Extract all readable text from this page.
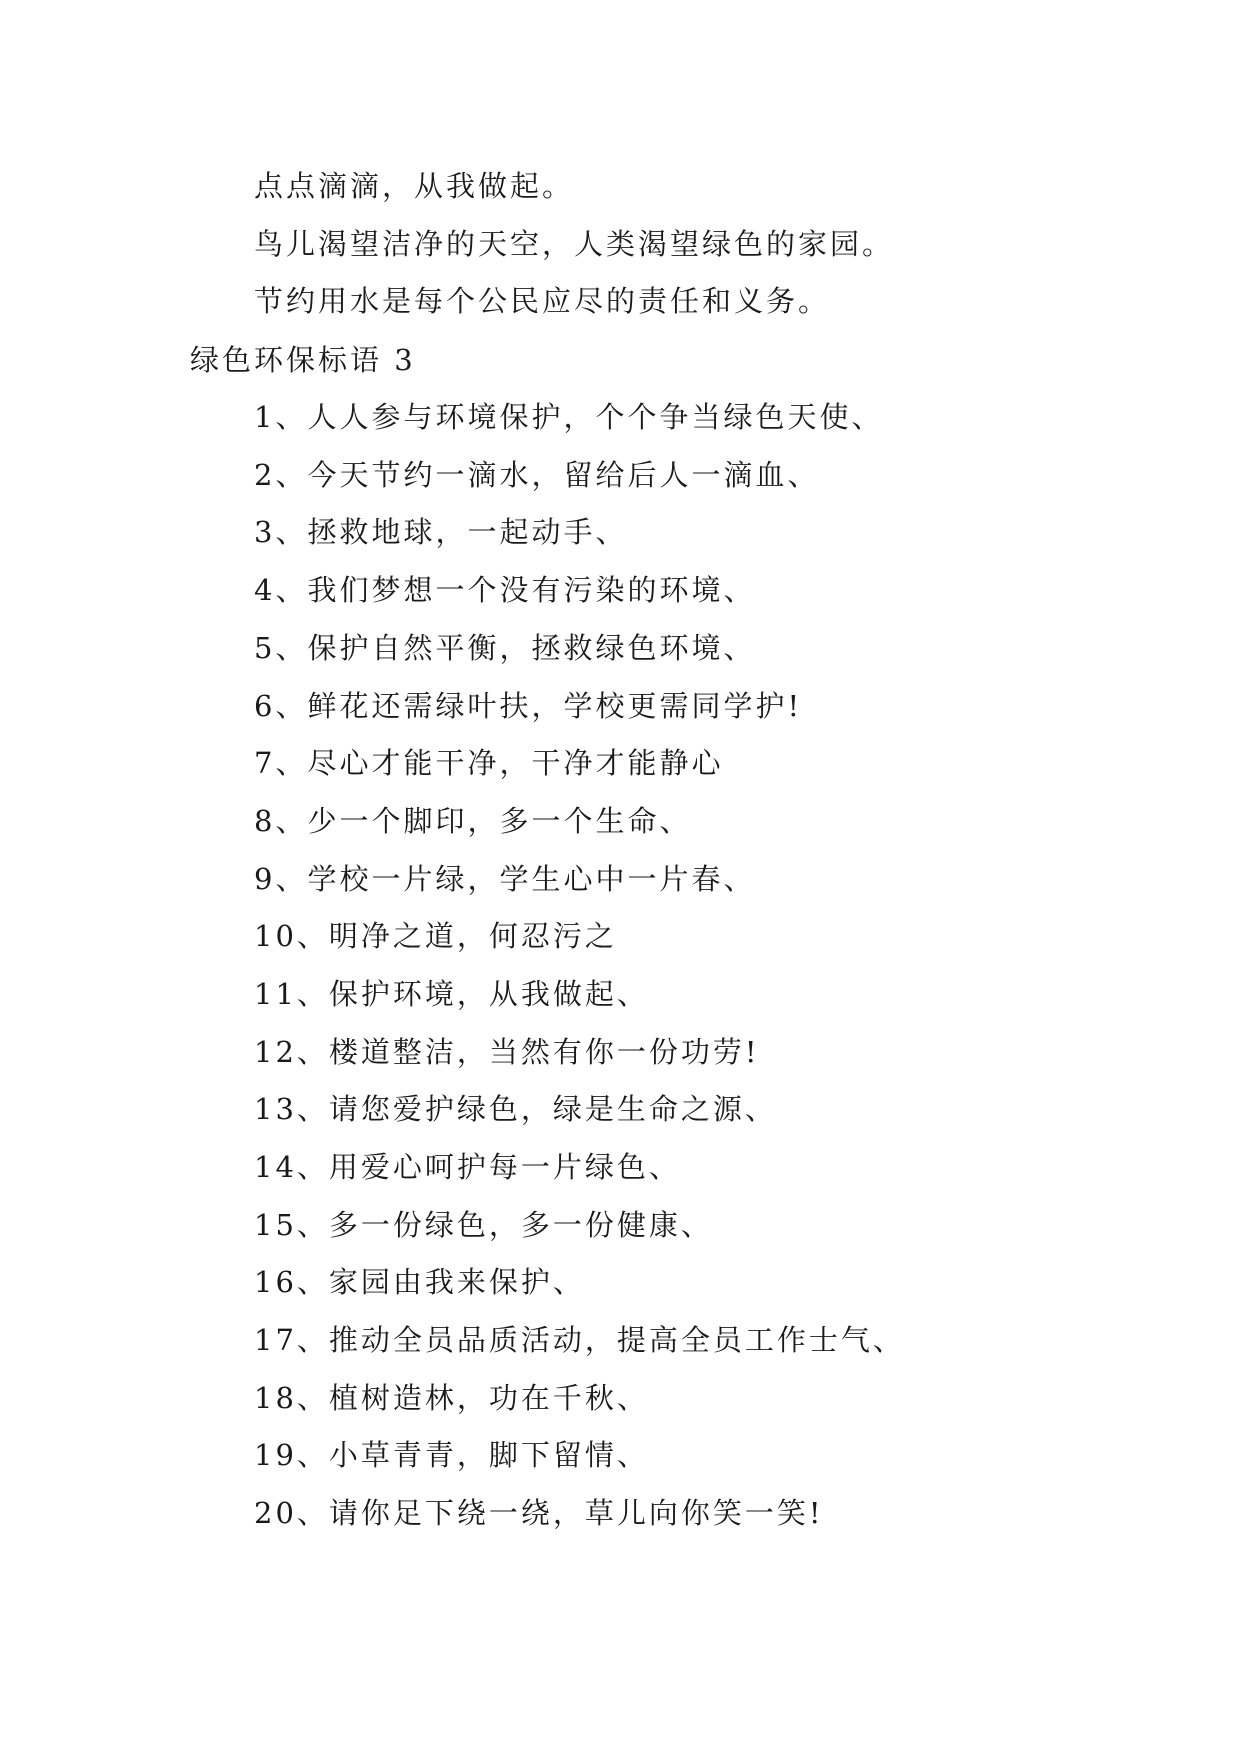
点点滴滴，从我做起。
鸟儿渴望洁净的天空，人类渴望绿色的家园。
节约用水是每个公民应尽的责任和义务。
绿色环保标语 3
1、人人参与环境保护，个个争当绿色天使、
2、今天节约一滴水，留给后人一滴血、
3、拯救地球，一起动手、
4、我们梦想一个没有污染的环境、
5、保护自然平衡，拯救绿色环境、
6、鲜花还需绿叶扶，学校更需同学护!
7、尽心才能干净，干净才能静心
8、少一个脚印，多一个生命、
9、学校一片绿，学生心中一片春、
10、明净之道，何忍污之
11、保护环境，从我做起、
12、楼道整洁，当然有你一份功劳!
13、请您爱护绿色，绿是生命之源、
14、用爱心呵护每一片绿色、
15、多一份绿色，多一份健康、
16、家园由我来保护、
17、推动全员品质活动，提高全员工作士气、
18、植树造林，功在千秋、
19、小草青青，脚下留情、
20、请你足下绕一绕，草儿向你笑一笑!
